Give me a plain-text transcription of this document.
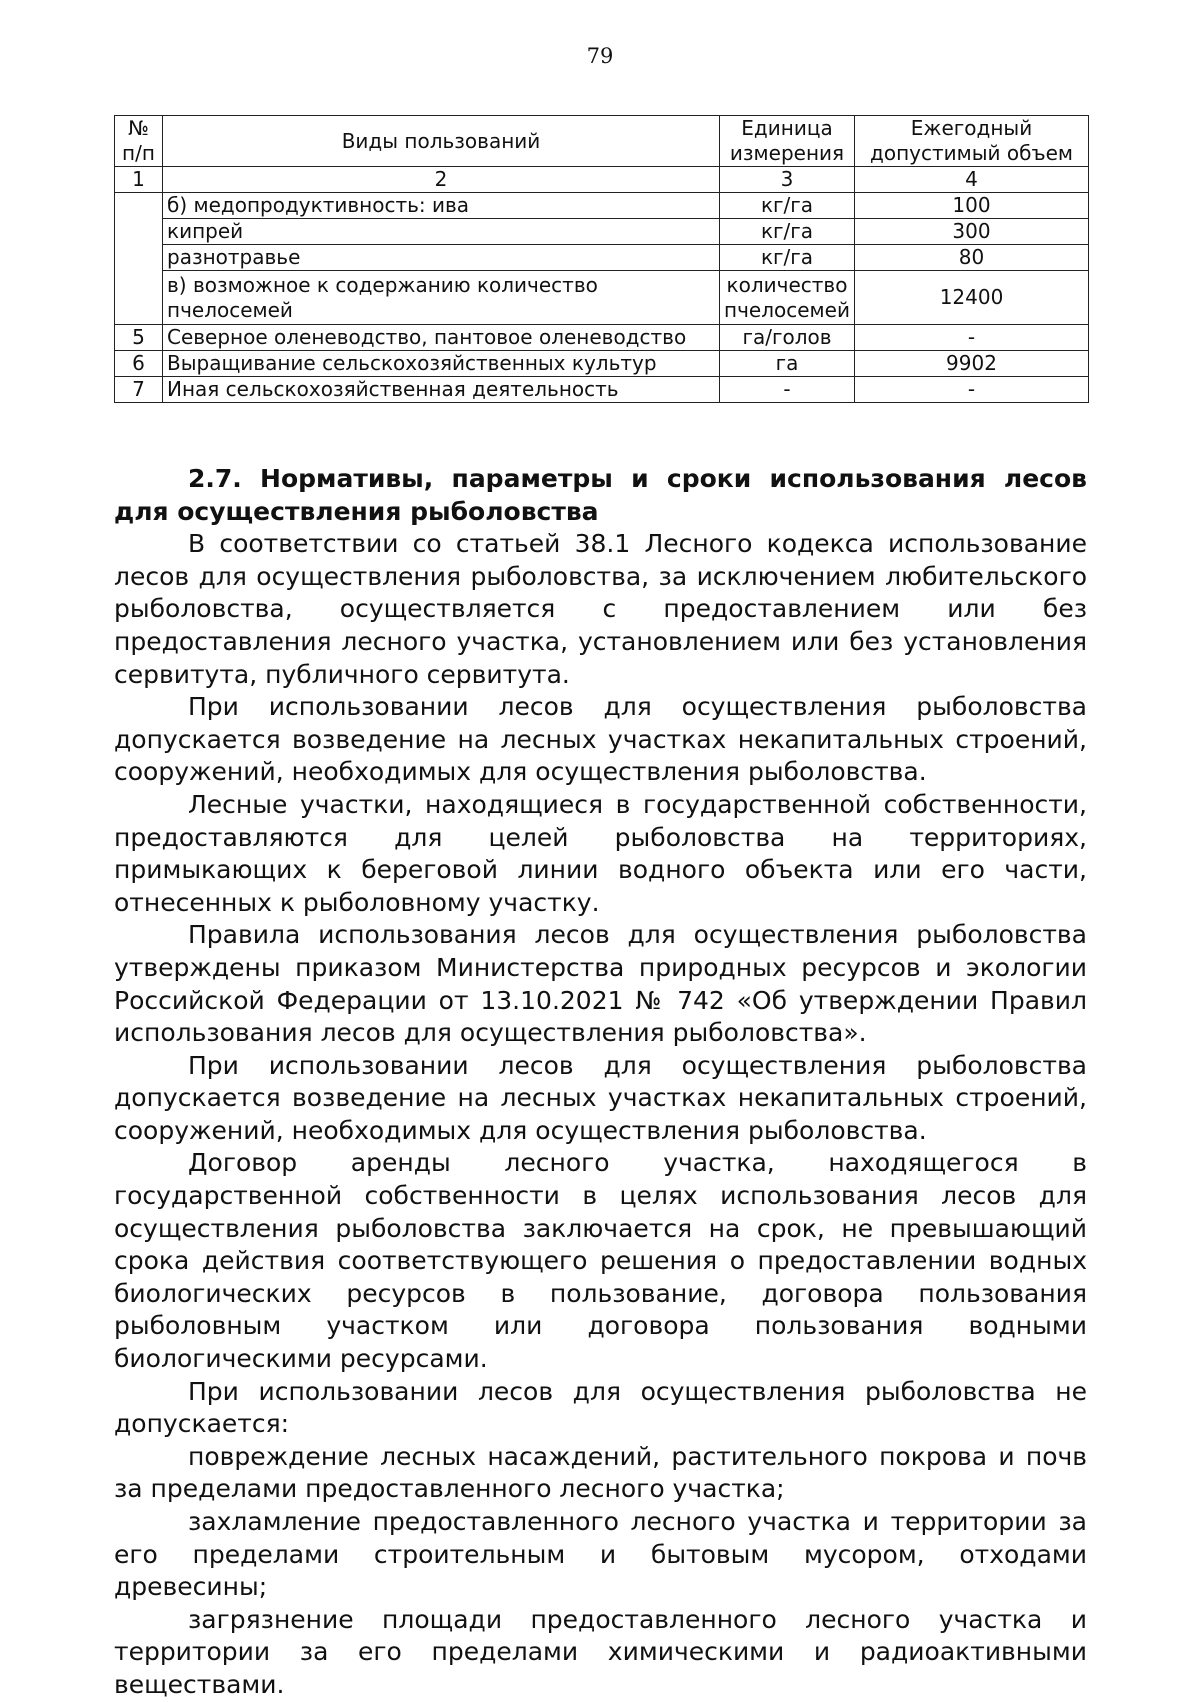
79
№ п/п	Виды пользований	Единица измерения	Ежегодный допустимый объем
1	2	3	4
	б) медопродуктивность: ива	кг/га	100
	кипрей	кг/га	300
	разнотравье	кг/га	80
	в) возможное к содержанию количество пчелосемей	количество пчелосемей	12400
5	Северное оленеводство, пантовое оленеводство	га/голов	-
6	Выращивание сельскохозяйственных культур	га	9902
7	Иная сельскохозяйственная деятельность	-	-

2.7. Нормативы, параметры и сроки использования лесов для осуществления рыболовства

В соответствии со статьей 38.1 Лесного кодекса использование лесов для осуществления рыболовства, за исключением любительского рыболовства, осуществляется с предоставлением или без предоставления лесного участка, установлением или без установления сервитута, публичного сервитута.

При использовании лесов для осуществления рыболовства допускается возведение на лесных участках некапитальных строений, сооружений, необходимых для осуществления рыболовства.

Лесные участки, находящиеся в государственной собственности, предоставляются для целей рыболовства на территориях, примыкающих к береговой линии водного объекта или его части, отнесенных к рыболовному участку.

Правила использования лесов для осуществления рыболовства утверждены приказом Министерства природных ресурсов и экологии Российской Федерации от 13.10.2021 № 742 «Об утверждении Правил использования лесов для осуществления рыболовства».

При использовании лесов для осуществления рыболовства допускается возведение на лесных участках некапитальных строений, сооружений, необходимых для осуществления рыболовства.

Договор аренды лесного участка, находящегося в государственной собственности в целях использования лесов для осуществления рыболовства заключается на срок, не превышающий срока действия соответствующего решения о предоставлении водных биологических ресурсов в пользование, договора пользования рыболовным участком или договора пользования водными биологическими ресурсами.

При использовании лесов для осуществления рыболовства не допускается:

повреждение лесных насаждений, растительного покрова и почв за пределами предоставленного лесного участка;

захламление предоставленного лесного участка и территории за его пределами строительным и бытовым мусором, отходами древесины;

загрязнение площади предоставленного лесного участка и территории за его пределами химическими и радиоактивными веществами.
